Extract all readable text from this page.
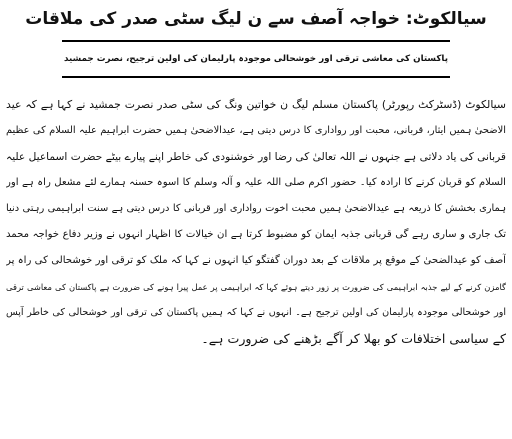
سیالکوٹ: خواجہ آصف سے ن لیگ سٹی صدر کی ملاقات
پاکستان کی معاشی ترقی اور خوشحالی موجودہ پارلیمان کی اولین ترجیح، نصرت جمشید
سیالکوٹ (ڈسٹرکٹ رپورٹر) پاکستان مسلم لیگ ن خواتین ونگ کی سٹی صدر نصرت جمشید نے کہا ہے کہ عید
الاضحیٰ ہمیں ایثار، قربانی، محبت اور رواداری کا درس دیتی ہے، عیدالاضحیٰ ہمیں حضرت ابراہیم علیہ السلام کی عظیم
قربانی کی یاد دلاتی ہے جنہوں نے اللہ تعالیٰ کی رضا اور خوشنودی کی خاطر اپنے پیارے بیٹے حضرت اسماعیل علیہ
السلام کو قربان کرنے کا ارادہ کیا۔ حضور اکرم صلی اللہ علیہ و آلہ وسلم کا اسوہ حسنہ ہمارے لئے مشعل راہ ہے اور
ہماری بخشش کا ذریعہ ہے عیدالاضحیٰ ہمیں محبت اخوت رواداری اور قربانی کا درس دیتی ہے سنت ابراہیمی رہتی دنیا
تک جاری و ساری رہے گی قربانی جذبہ ایمان کو مضبوط کرتا ہے ان خیالات کا اظہار انہوں نے وزیر دفاع خواجہ محمد
آصف کو عیدالضحیٰ کے موقع پر ملاقات کے بعد دوران گفتگو کیا انہوں نے کہا کہ ملک کو ترقی اور خوشحالی کی راہ پر
گامزن کرنے کے لیے جذبہ ابراہیمی کی ضرورت پر زور دیتے ہوئے کہا کہ ابراہیمی پر عمل پیرا ہونے کی ضرورت ہے پاکستان کی معاشی ترقی
اور خوشحالی موجودہ پارلیمان کی اولین ترجیح ہے۔ انہوں نے کہا کہ ہمیں پاکستان کی ترقی اور خوشحالی کی خاطر آپس
کے سیاسی اختلافات کو بھلا کر آگے بڑھنے کی ضرورت ہے۔
